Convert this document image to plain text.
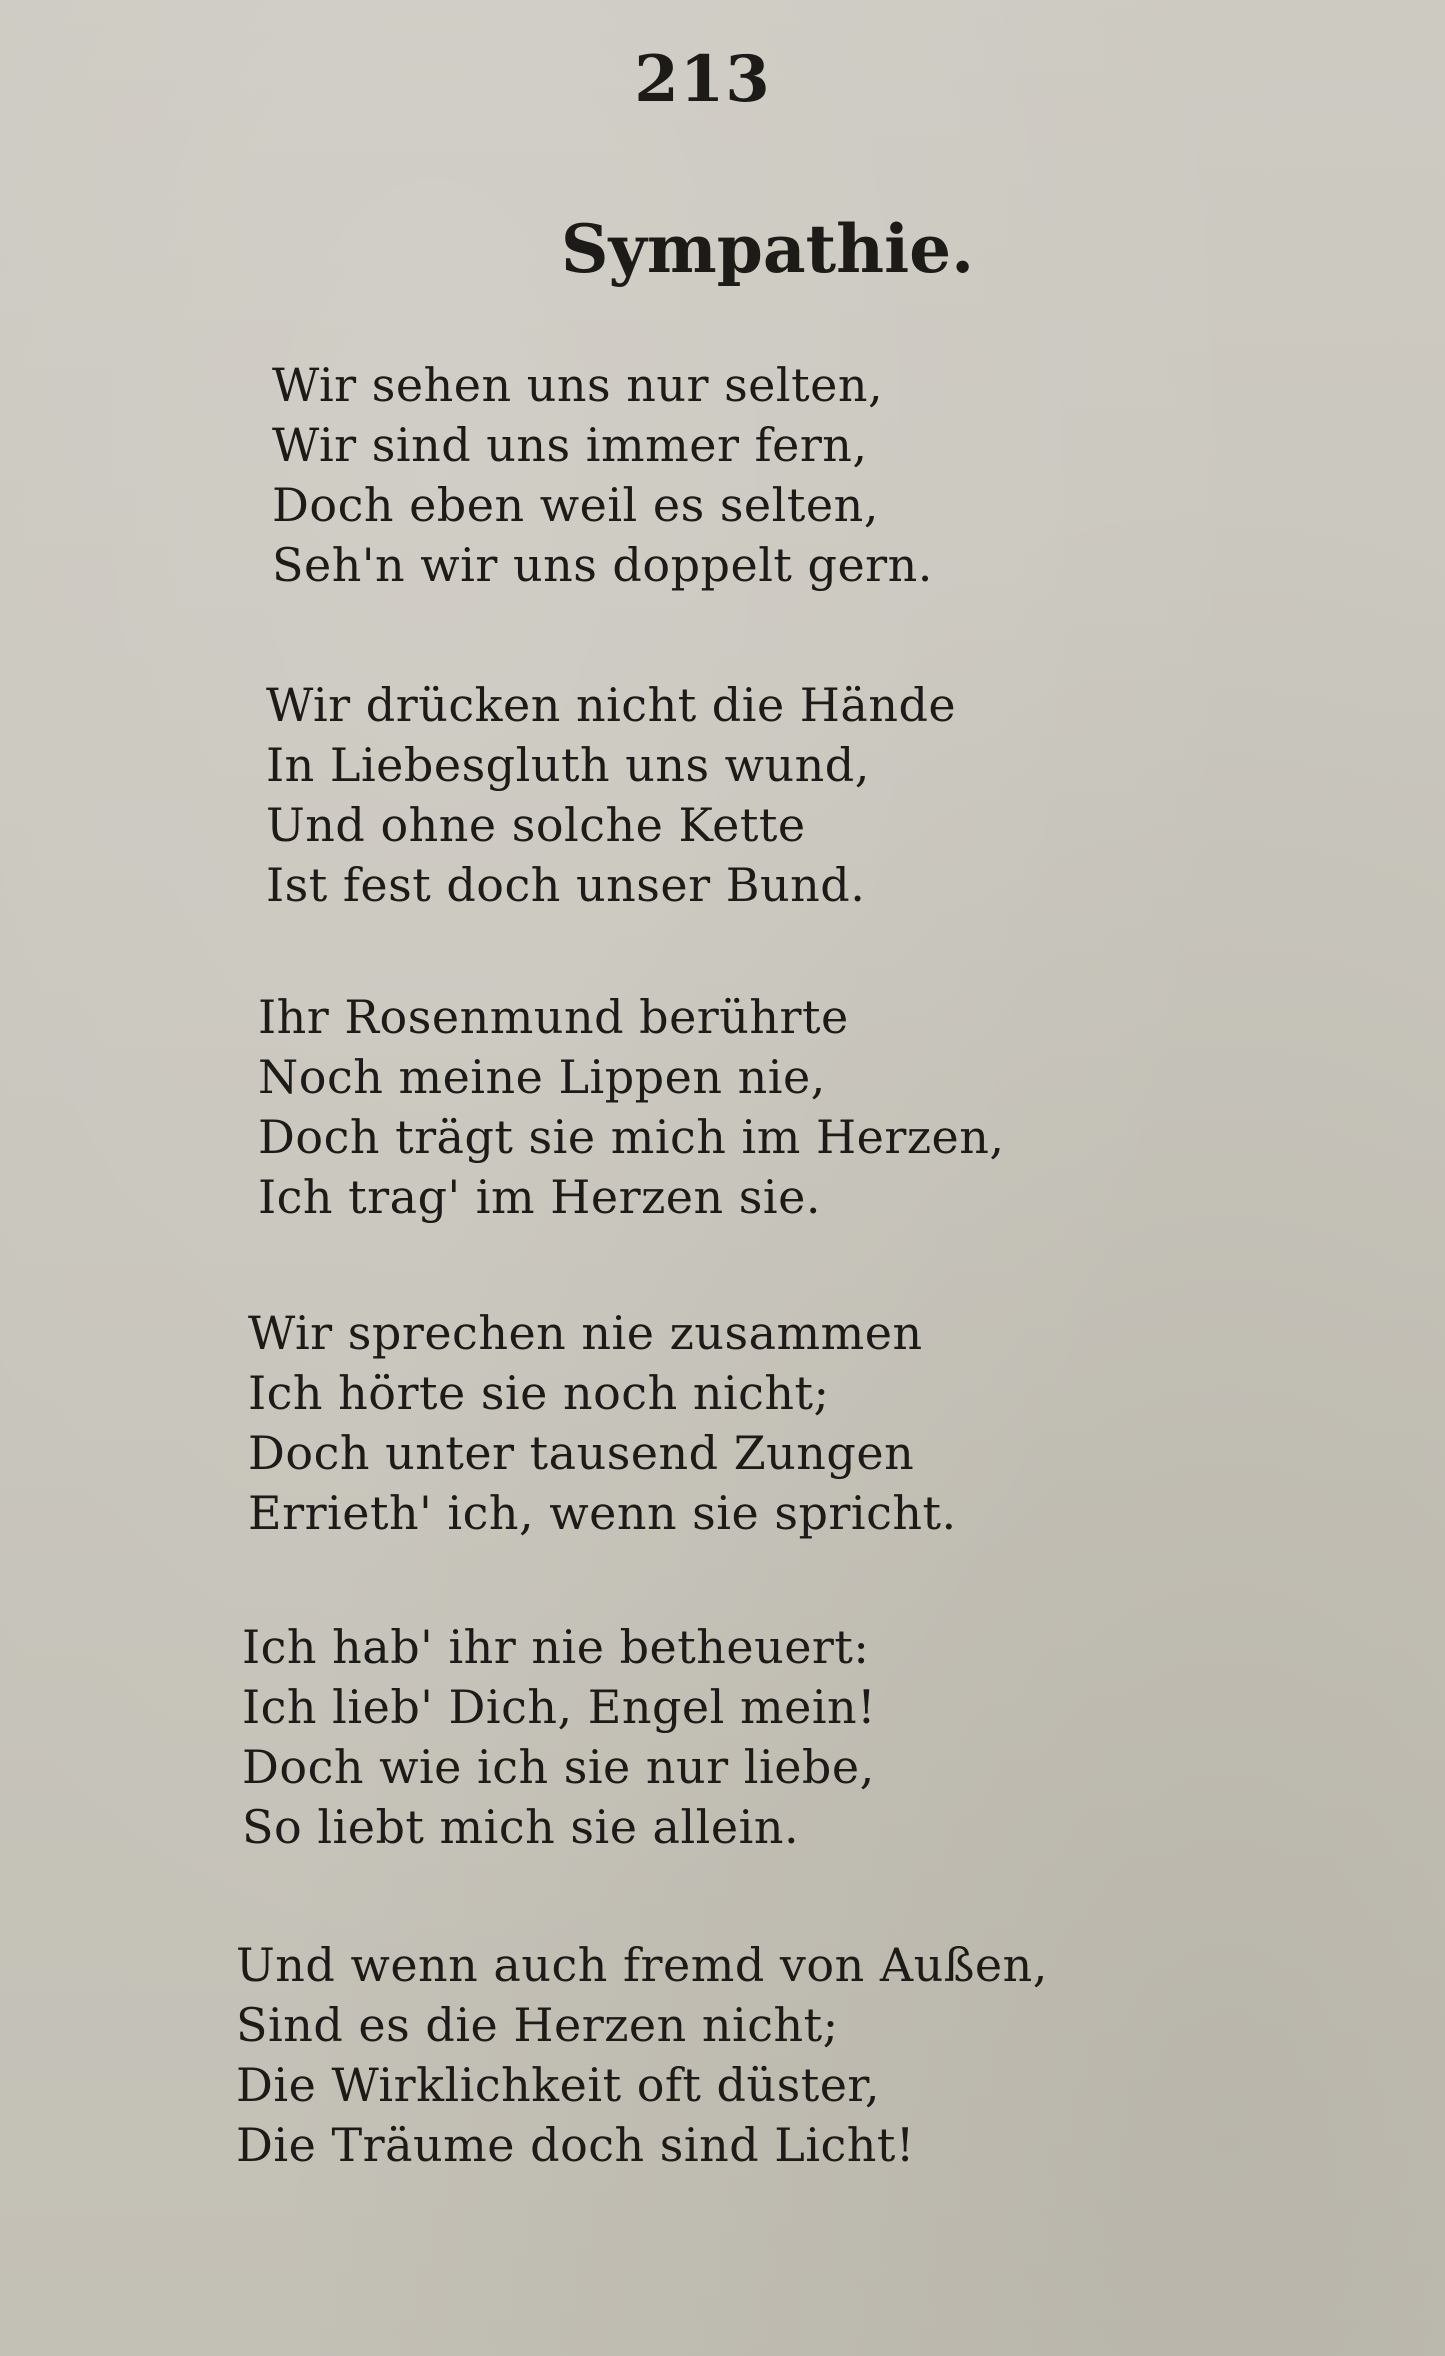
213
Sympathie.
Wir sehen uns nur selten,
Wir sind uns immer fern,
Doch eben weil es selten,
Seh'n wir uns doppelt gern.
Wir drücken nicht die Hände
In Liebesgluth uns wund,
Und ohne solche Kette
Ist fest doch unser Bund.
Ihr Rosenmund berührte
Noch meine Lippen nie,
Doch trägt sie mich im Herzen,
Ich trag' im Herzen sie.
Wir sprechen nie zusammen
Ich hörte sie noch nicht;
Doch unter tausend Zungen
Errieth' ich, wenn sie spricht.
Ich hab' ihr nie betheuert:
Ich lieb' Dich, Engel mein!
Doch wie ich sie nur liebe,
So liebt mich sie allein.
Und wenn auch fremd von Außen,
Sind es die Herzen nicht;
Die Wirklichkeit oft düster,
Die Träume doch sind Licht!
